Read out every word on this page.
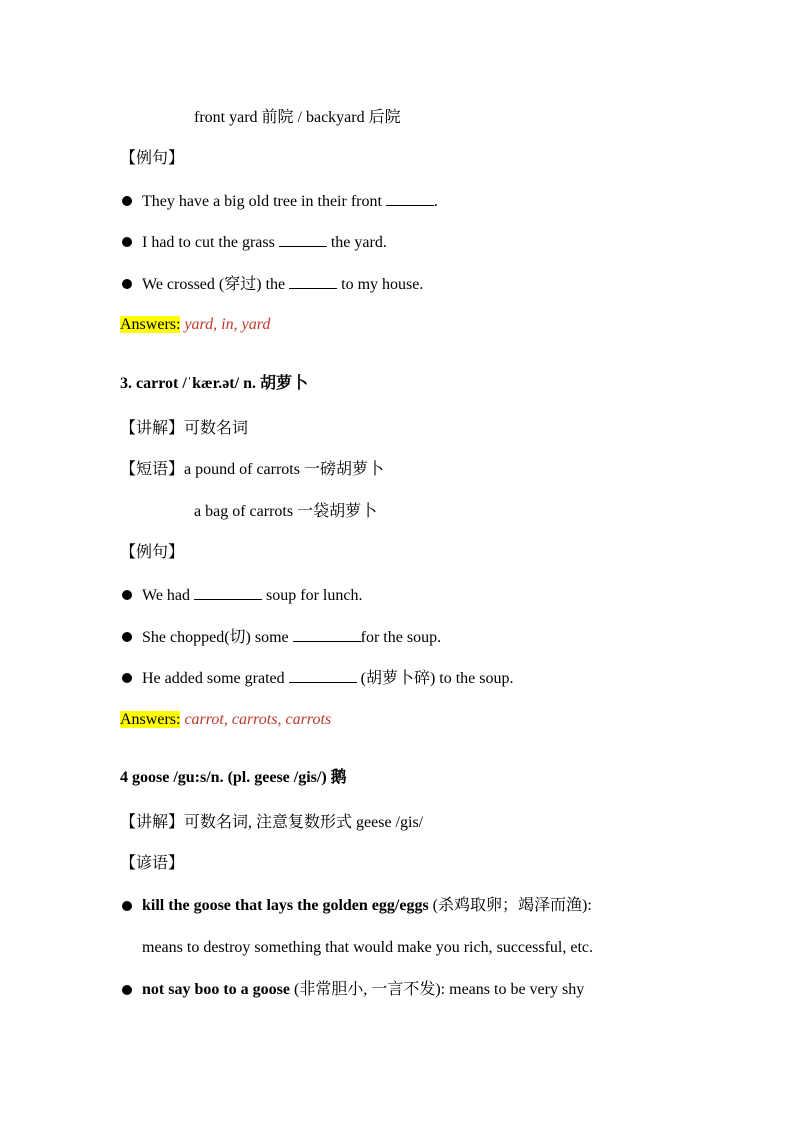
front yard 前院 / backyard 后院
【例句】
They have a big old tree in their front	.
I had to cut the grass	the yard.
We crossed (穿过) the	to my house.
Answers: yard, in, yard
3. carrot /ˈkær.ət/ n. 胡萝卜
【讲解】可数名词
【短语】a pound of carrots 一磅胡萝卜
a bag of carrots 一袋胡萝卜
【例句】
We had	soup for lunch.
She chopped(切) some	for the soup.
He added some grated	(胡萝卜碎) to the soup.
Answers: carrot, carrots, carrots
4 goose /gu:s/n. (pl. geese /gis/) 鹅
【讲解】可数名词, 注意复数形式 geese /gis/
【谚语】
kill the goose that lays the golden egg/eggs (杀鸡取卵；竭泽而渔):
means to destroy something that would make you rich, successful, etc.
not say boo to a goose (非常胆小, 一言不发): means to be very shy
